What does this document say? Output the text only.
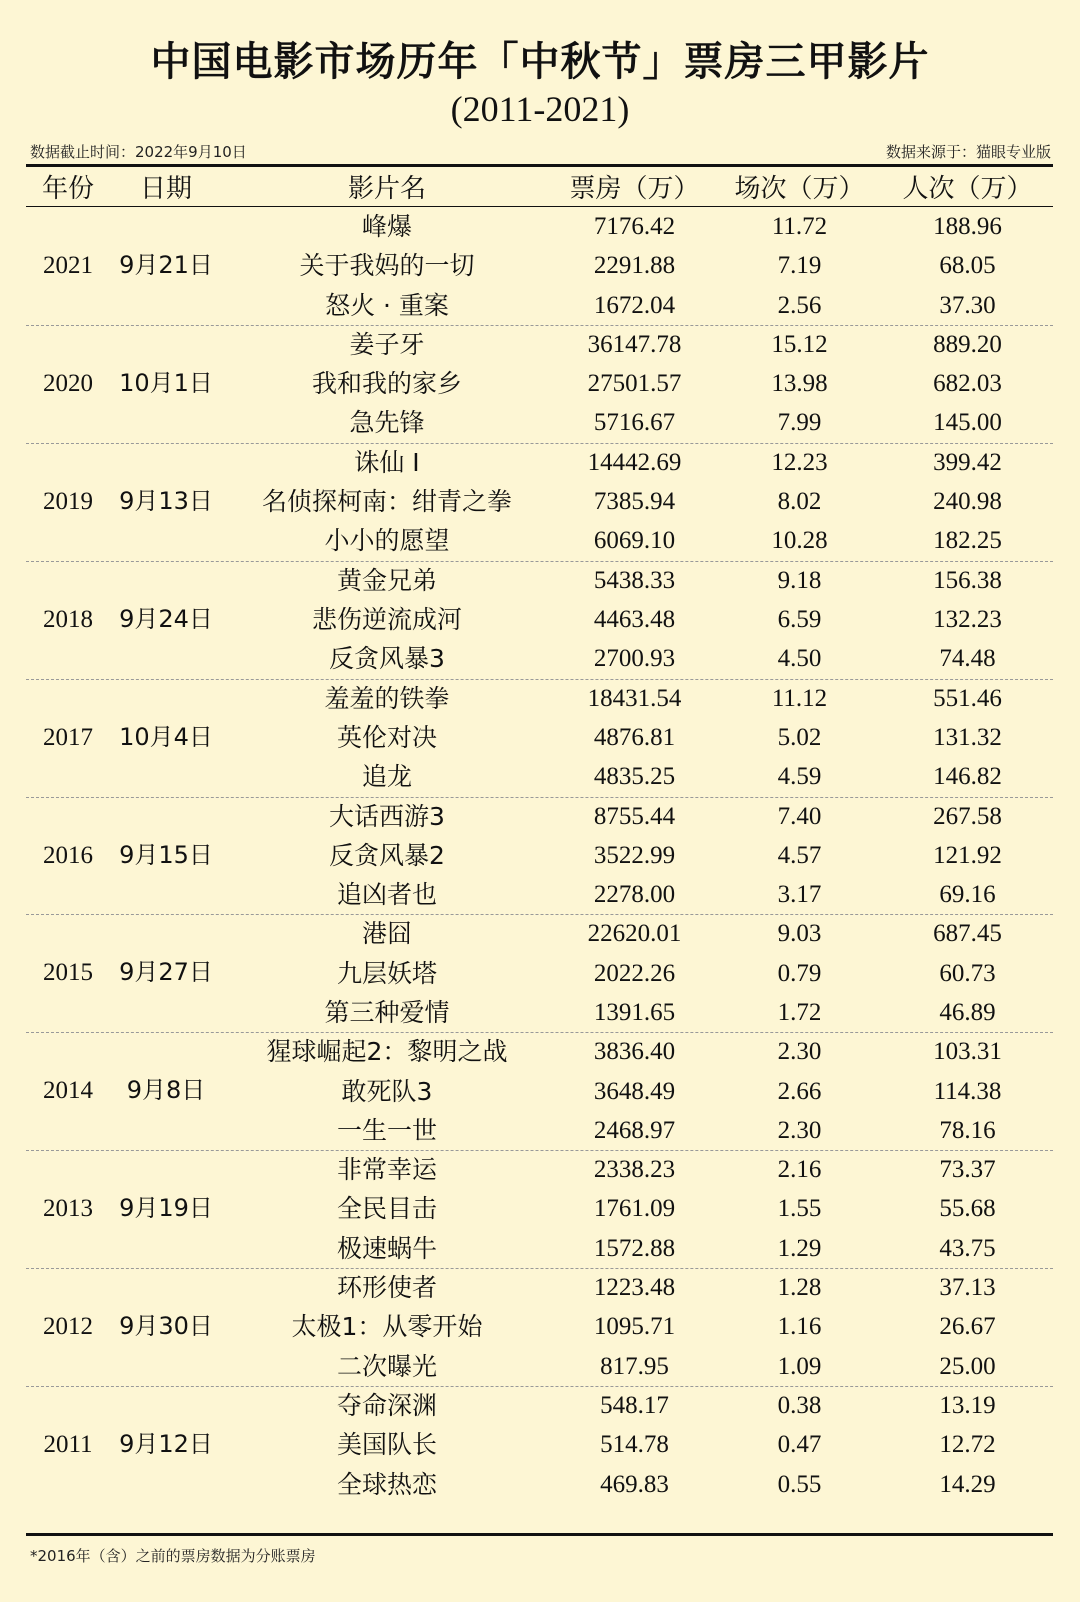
中国电影市场历年「中秋节」票房三甲影片
(2011-2021)
数据截止时间：2022年9月10日	数据来源于：猫眼专业版
年份	日期	影片名	票房（万）	场次（万）	人次（万）
2021	9月21日
峰爆	7176.42	11.72	188.96
关于我妈的一切	2291.88	7.19	68.05
怒火 · 重案	1672.04	2.56	37.30
2020	10月1日
姜子牙	36147.78	15.12	889.20
我和我的家乡	27501.57	13.98	682.03
急先锋	5716.67	7.99	145.00
2019	9月13日
诛仙 Ⅰ	14442.69	12.23	399.42
名侦探柯南：绀青之拳	7385.94	8.02	240.98
小小的愿望	6069.10	10.28	182.25
2018	9月24日
黄金兄弟	5438.33	9.18	156.38
悲伤逆流成河	4463.48	6.59	132.23
反贪风暴3	2700.93	4.50	74.48
2017	10月4日
羞羞的铁拳	18431.54	11.12	551.46
英伦对决	4876.81	5.02	131.32
追龙	4835.25	4.59	146.82
2016	9月15日
大话西游3	8755.44	7.40	267.58
反贪风暴2	3522.99	4.57	121.92
追凶者也	2278.00	3.17	69.16
2015	9月27日
港囧	22620.01	9.03	687.45
九层妖塔	2022.26	0.79	60.73
第三种爱情	1391.65	1.72	46.89
2014	9月8日
猩球崛起2：黎明之战	3836.40	2.30	103.31
敢死队3	3648.49	2.66	114.38
一生一世	2468.97	2.30	78.16
2013	9月19日
非常幸运	2338.23	2.16	73.37
全民目击	1761.09	1.55	55.68
极速蜗牛	1572.88	1.29	43.75
2012	9月30日
环形使者	1223.48	1.28	37.13
太极1：从零开始	1095.71	1.16	26.67
二次曝光	817.95	1.09	25.00
2011	9月12日
夺命深渊	548.17	0.38	13.19
美国队长	514.78	0.47	12.72
全球热恋	469.83	0.55	14.29
*2016年（含）之前的票房数据为分账票房
